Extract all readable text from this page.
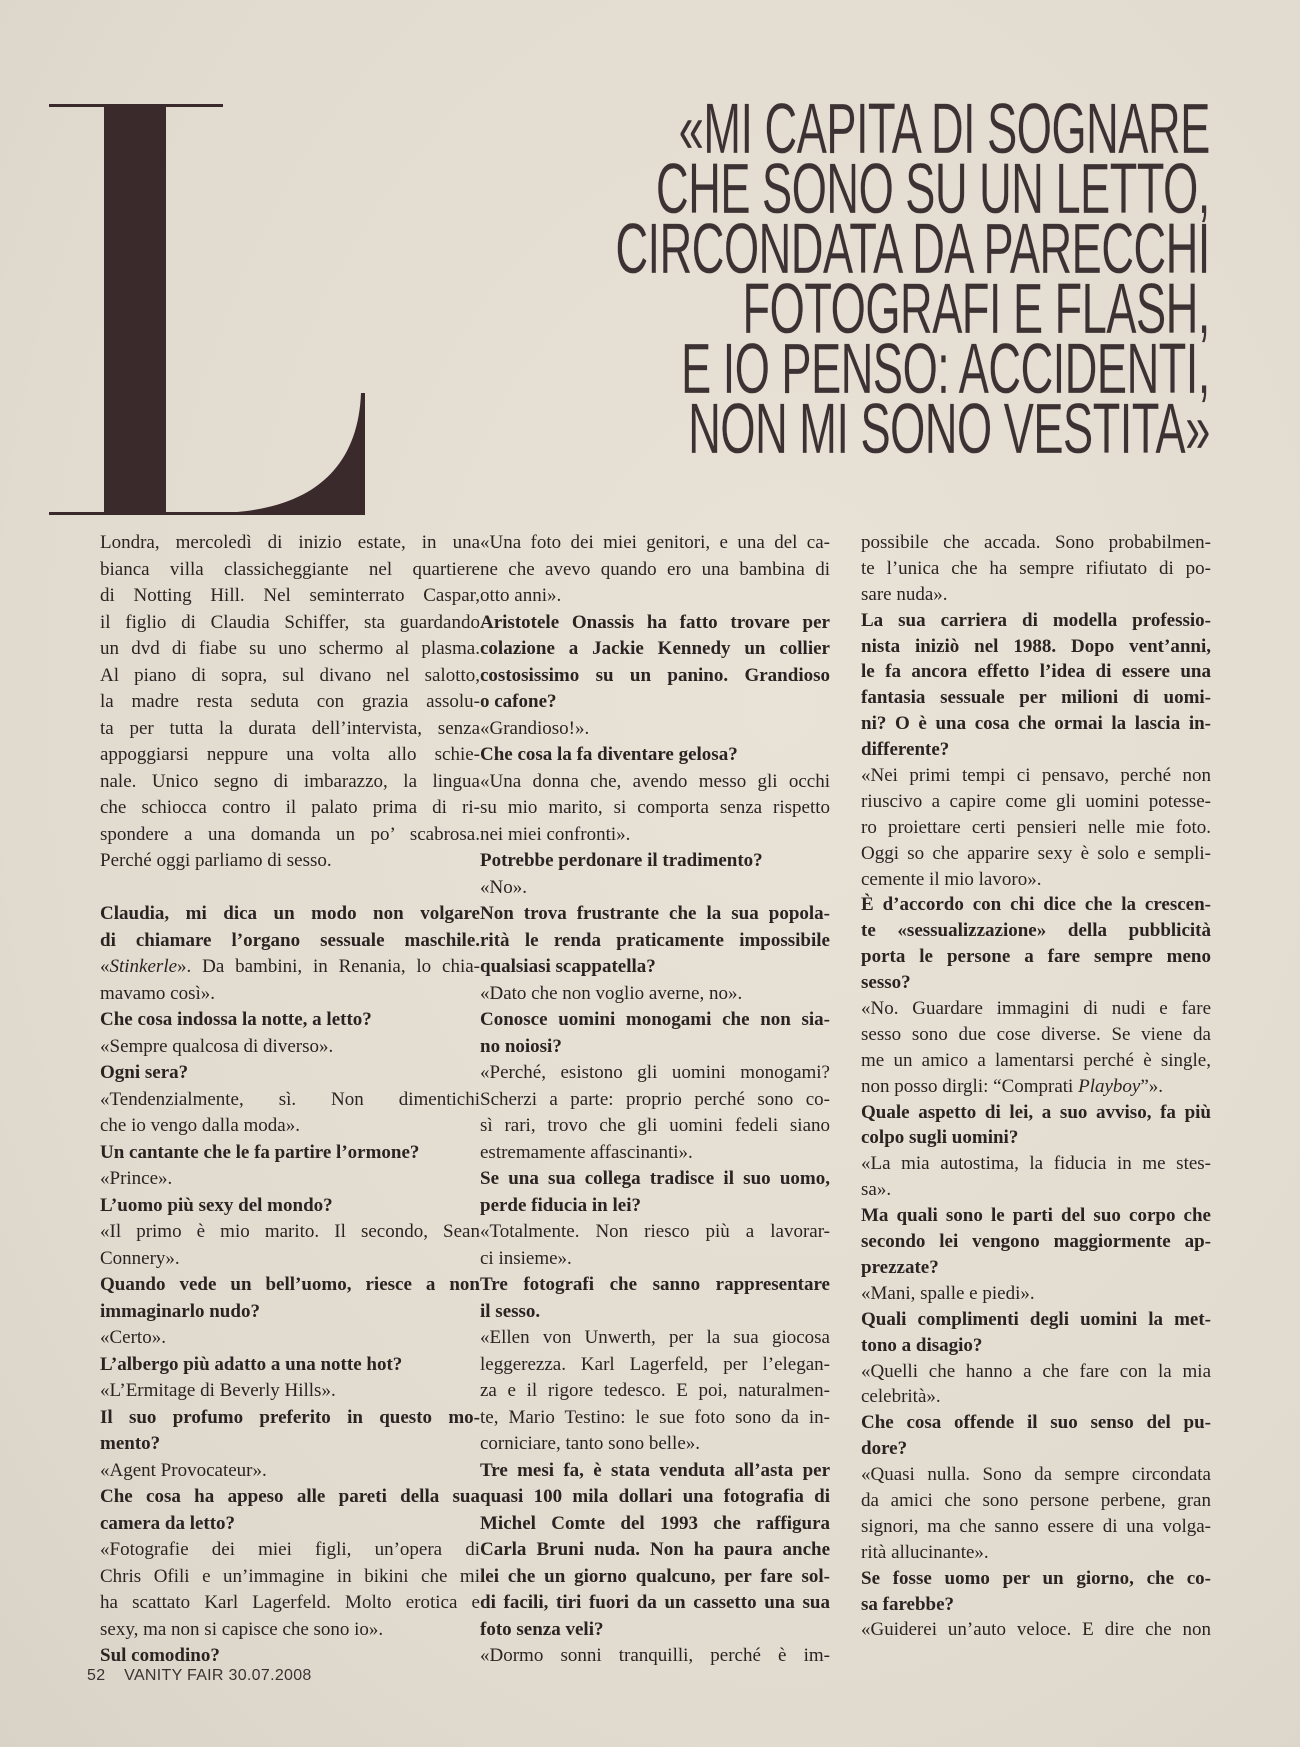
«MI CAPITA DI SOGNARE
CHE SONO SU UN LETTO,
CIRCONDATA DA PARECCHI
FOTOGRAFI E FLASH,
E IO PENSO: ACCIDENTI,
NON MI SONO VESTITA»
Londra, mercoledì di inizio estate, in una
bianca villa classicheggiante nel quartiere
di Notting Hill. Nel seminterrato Caspar,
il figlio di Claudia Schiffer, sta guardando
un dvd di fiabe su uno schermo al plasma.
Al piano di sopra, sul divano nel salotto,
la madre resta seduta con grazia assolu-
ta per tutta la durata dell’intervista, senza
appoggiarsi neppure una volta allo schie-
nale. Unico segno di imbarazzo, la lingua
che schiocca contro il palato prima di ri-
spondere a una domanda un po’ scabrosa.
Perché oggi parliamo di sesso.
Claudia, mi dica un modo non volgare
di chiamare l’organo sessuale maschile.
«Stinkerle». Da bambini, in Renania, lo chia-
mavamo così».
Che cosa indossa la notte, a letto?
«Sempre qualcosa di diverso».
Ogni sera?
«Tendenzialmente, sì. Non dimentichi
che io vengo dalla moda».
Un cantante che le fa partire l’ormone?
«Prince».
L’uomo più sexy del mondo?
«Il primo è mio marito. Il secondo, Sean
Connery».
Quando vede un bell’uomo, riesce a non
immaginarlo nudo?
«Certo».
L’albergo più adatto a una notte hot?
«L’Ermitage di Beverly Hills».
Il suo profumo preferito in questo mo-
mento?
«Agent Provocateur».
Che cosa ha appeso alle pareti della sua
camera da letto?
«Fotografie dei miei figli, un’opera di
Chris Ofili e un’immagine in bikini che mi
ha scattato Karl Lagerfeld. Molto erotica e
sexy, ma non si capisce che sono io».
Sul comodino?
«Una foto dei miei genitori, e una del ca-
ne che avevo quando ero una bambina di
otto anni».
Aristotele Onassis ha fatto trovare per
colazione a Jackie Kennedy un collier
costosissimo su un panino. Grandioso
o cafone?
«Grandioso!».
Che cosa la fa diventare gelosa?
«Una donna che, avendo messo gli occhi
su mio marito, si comporta senza rispetto
nei miei confronti».
Potrebbe perdonare il tradimento?
«No».
Non trova frustrante che la sua popola-
rità le renda praticamente impossibile
qualsiasi scappatella?
«Dato che non voglio averne, no».
Conosce uomini monogami che non sia-
no noiosi?
«Perché, esistono gli uomini monogami?
Scherzi a parte: proprio perché sono co-
sì rari, trovo che gli uomini fedeli siano
estremamente affascinanti».
Se una sua collega tradisce il suo uomo,
perde fiducia in lei?
«Totalmente. Non riesco più a lavorar-
ci insieme».
Tre fotografi che sanno rappresentare
il sesso.
«Ellen von Unwerth, per la sua giocosa
leggerezza. Karl Lagerfeld, per l’elegan-
za e il rigore tedesco. E poi, naturalmen-
te, Mario Testino: le sue foto sono da in-
corniciare, tanto sono belle».
Tre mesi fa, è stata venduta all’asta per
quasi 100 mila dollari una fotografia di
Michel Comte del 1993 che raffigura
Carla Bruni nuda. Non ha paura anche
lei che un giorno qualcuno, per fare sol-
di facili, tiri fuori da un cassetto una sua
foto senza veli?
«Dormo sonni tranquilli, perché è im-
possibile che accada. Sono probabilmen-
te l’unica che ha sempre rifiutato di po-
sare nuda».
La sua carriera di modella professio-
nista iniziò nel 1988. Dopo vent’anni,
le fa ancora effetto l’idea di essere una
fantasia sessuale per milioni di uomi-
ni? O è una cosa che ormai la lascia in-
differente?
«Nei primi tempi ci pensavo, perché non
riuscivo a capire come gli uomini potesse-
ro proiettare certi pensieri nelle mie foto.
Oggi so che apparire sexy è solo e sempli-
cemente il mio lavoro».
È d’accordo con chi dice che la crescen-
te «sessualizzazione» della pubblicità
porta le persone a fare sempre meno
sesso?
«No. Guardare immagini di nudi e fare
sesso sono due cose diverse. Se viene da
me un amico a lamentarsi perché è single,
non posso dirgli: “Comprati Playboy”».
Quale aspetto di lei, a suo avviso, fa più
colpo sugli uomini?
«La mia autostima, la fiducia in me stes-
sa».
Ma quali sono le parti del suo corpo che
secondo lei vengono maggiormente ap-
prezzate?
«Mani, spalle e piedi».
Quali complimenti degli uomini la met-
tono a disagio?
«Quelli che hanno a che fare con la mia
celebrità».
Che cosa offende il suo senso del pu-
dore?
«Quasi nulla. Sono da sempre circondata
da amici che sono persone perbene, gran
signori, ma che sanno essere di una volga-
rità allucinante».
Se fosse uomo per un giorno, che co-
sa farebbe?
«Guiderei un’auto veloce. E dire che non
52 VANITY FAIR 30.07.2008
